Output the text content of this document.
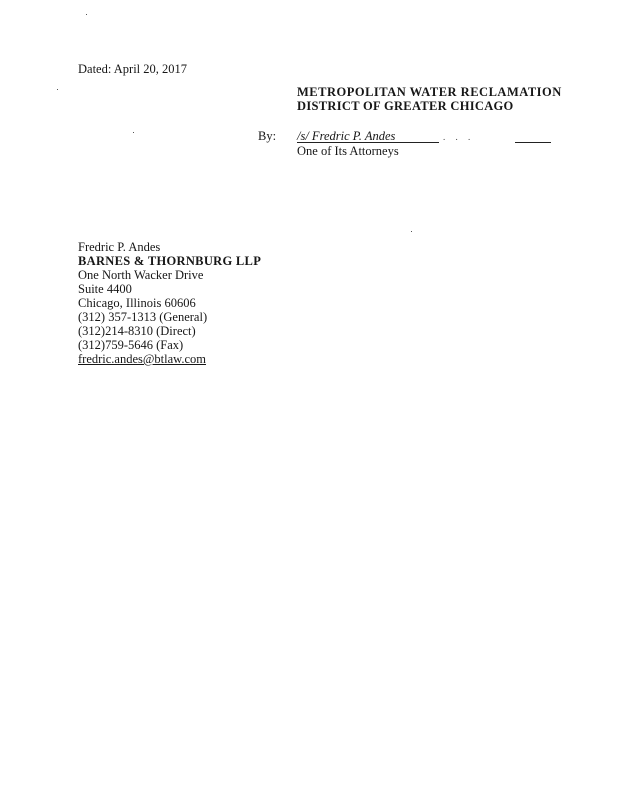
Dated: April 20, 2017
METROPOLITAN WATER RECLAMATION
DISTRICT OF GREATER CHICAGO
By: /s/ Fredric P. Andes	. . .
One of Its Attorneys
Fredric P. Andes
BARNES & THORNBURG LLP
One North Wacker Drive
Suite 4400
Chicago, Illinois 60606
(312) 357-1313 (General)
(312)214-8310 (Direct)
(312)759-5646 (Fax)
fredric.andes@btlaw.com
